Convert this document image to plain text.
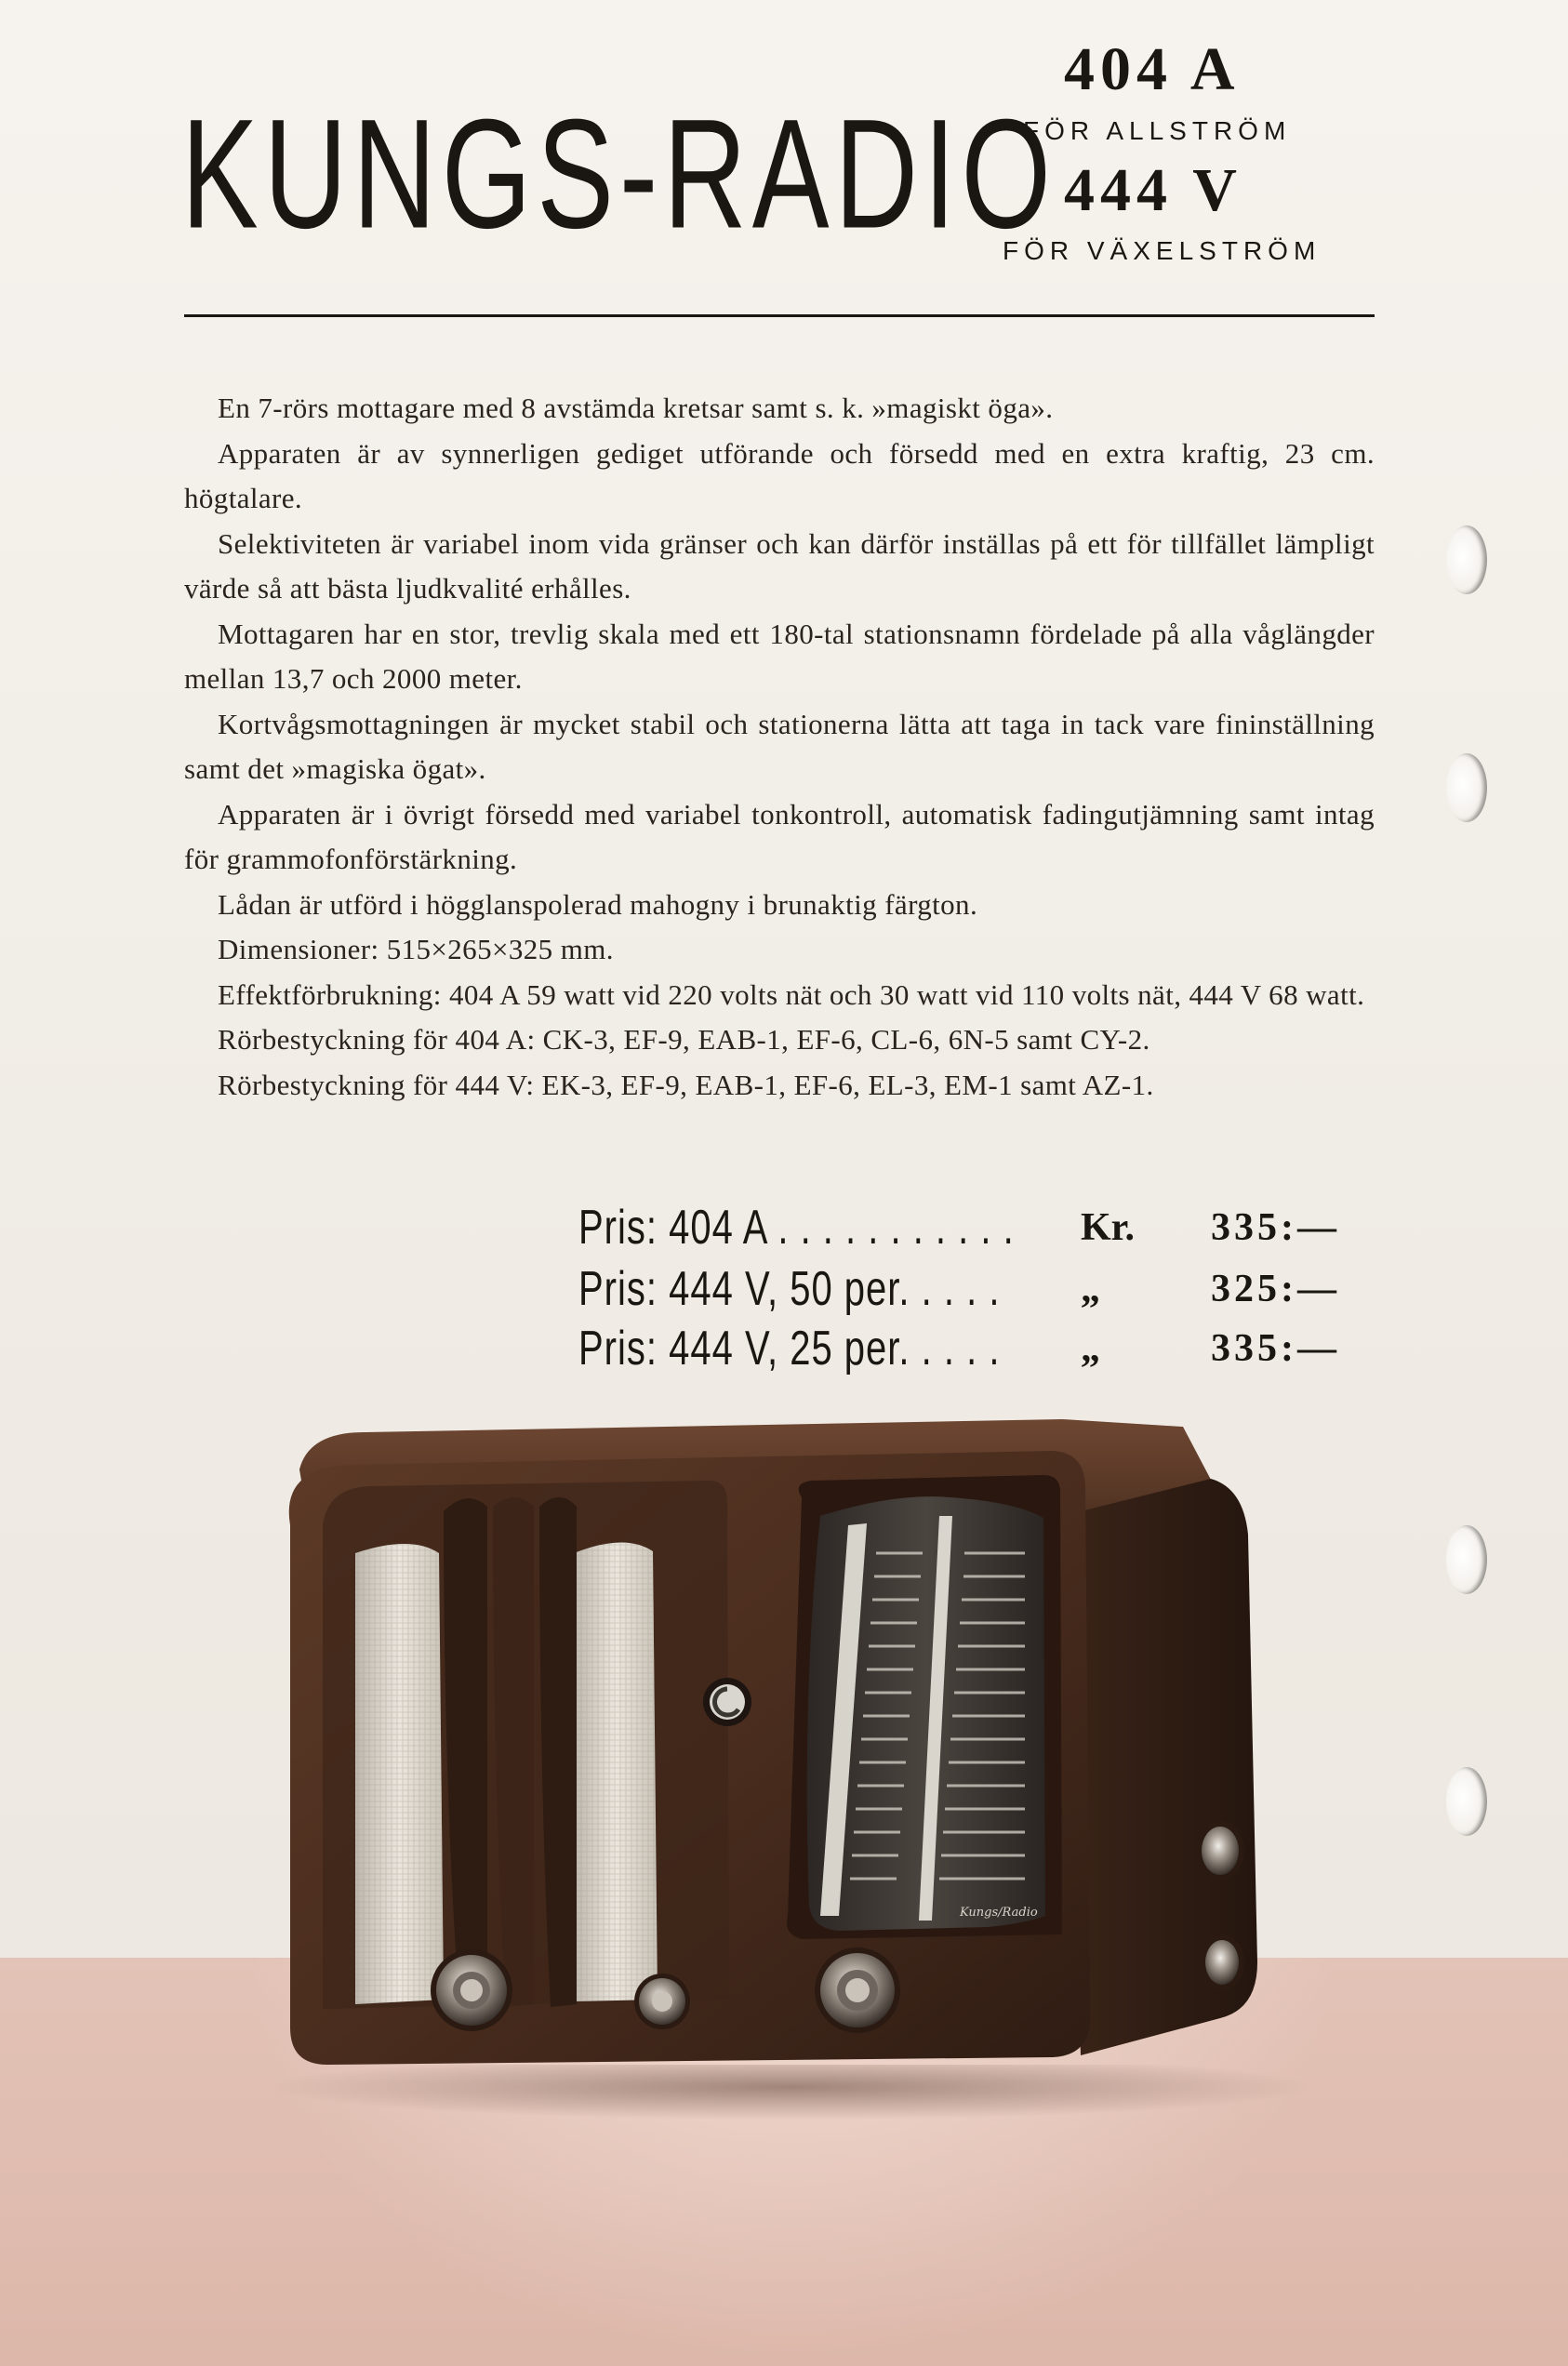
KUNGS-RADIO
404 A
FÖR ALLSTRÖM
444 V
FÖR VÄXELSTRÖM

En 7-rörs mottagare med 8 avstämda kretsar samt s. k. »magiskt öga».

Apparaten är av synnerligen gediget utförande och försedd med en extra kraftig, 23 cm. högtalare.

Selektiviteten är variabel inom vida gränser och kan därför inställas på ett för tillfället lämpligt värde så att bästa ljudkvalité erhålles.

Mottagaren har en stor, trevlig skala med ett 180-tal stationsnamn fördelade på alla våglängder mellan 13,7 och 2000 meter.

Kortvågsmottagningen är mycket stabil och stationerna lätta att taga in tack vare fininställning samt det »magiska ögat».

Apparaten är i övrigt försedd med variabel tonkontroll, automatisk fadingutjämning samt intag för grammofonförstärkning.

Lådan är utförd i högglanspolerad mahogny i brunaktig färgton.

Dimensioner: 515×265×325 mm.

Effektförbrukning: 404 A 59 watt vid 220 volts nät och 30 watt vid 110 volts nät, 444 V 68 watt.

Rörbestyckning för 404 A: CK-3, EF-9, EAB-1, EF-6, CL-6, 6N-5 samt CY-2.

Rörbestyckning för 444 V: EK-3, EF-9, EAB-1, EF-6, EL-3, EM-1 samt AZ-1.

Pris: 404 A . . . . . . . . . . . Kr. 335:—
Pris: 444 V, 50 per. . . . . „	325:—
Pris: 444 V, 25 per. . . . . „	335:—
Kungs/Radio
